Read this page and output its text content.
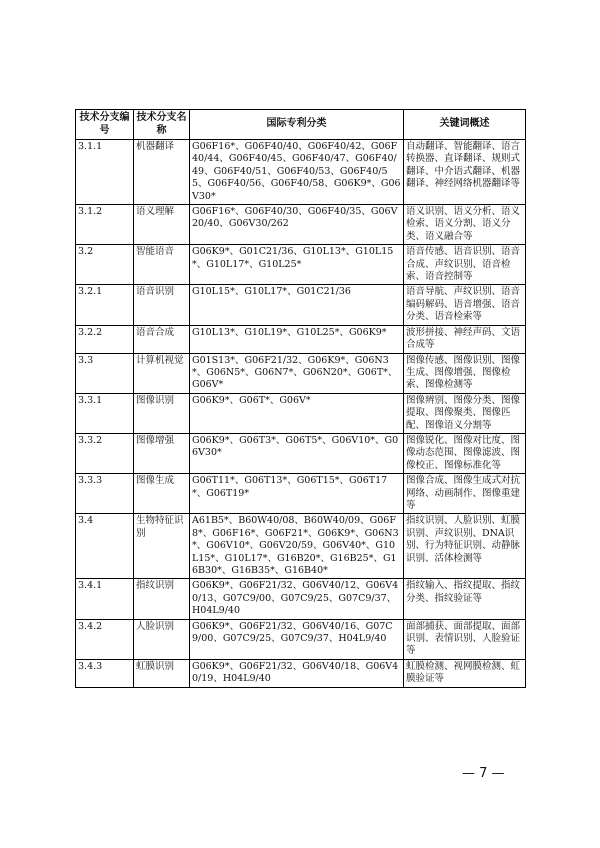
技术分支编号	技术分支名称	国际专利分类	关键词概述
3.1.1	机器翻译	G06F16*、G06F40/40、G06F40/42、G06F40/44、G06F40/45、G06F40/47、G06F40/49、G06F40/51、G06F40/53、G06F40/55、G06F40/56、G06F40/58、G06K9*、G06V30*	自动翻译、智能翻译、语言转换器、直译翻译、规则式翻译、中介语式翻译、机器翻译、神经网络机器翻译等
3.1.2	语义理解	G06F16*、G06F40/30、G06F40/35、G06V20/40、G06V30/262	语义识别、语义分析、语义检索、语义分割、语义分类、语义融合等
3.2	智能语音	G06K9*、G01C21/36、G10L13*、G10L15*、G10L17*、G10L25*	语音传感、语音识别、语音合成、声纹识别、语音检索、语音控制等
3.2.1	语音识别	G10L15*、G10L17*、G01C21/36	语音导航、声纹识别、语音编码解码、语音增强、语音分类、语音检索等
3.2.2	语音合成	G10L13*、G10L19*、G10L25*、G06K9*	波形拼接、神经声码、文语合成等
3.3	计算机视觉	G01S13*、G06F21/32、G06K9*、G06N3*、G06N5*、G06N7*、G06N20*、G06T*、G06V*	图像传感、图像识别、图像生成、图像增强、图像检索、图像检测等
3.3.1	图像识别	G06K9*、G06T*、G06V*	图像辨别、图像分类、图像提取、图像聚类、图像匹配、图像语义分割等
3.3.2	图像增强	G06K9*、G06T3*、G06T5*、G06V10*、G06V30*	图像锐化、图像对比度、图像动态范围、图像滤波、图像校正、图像标准化等
3.3.3	图像生成	G06T11*、G06T13*、G06T15*、G06T17*、G06T19*	图像合成、图像生成式对抗网络、动画制作、图像重建等
3.4	生物特征识别	A61B5*、B60W40/08、B60W40/09、G06F8*、G06F16*、G06F21*、G06K9*、G06N3*、G06V10*、G06V20/59、G06V40*、G10L15*、G10L17*、G16B20*、G16B25*、G16B30*、G16B35*、G16B40*	指纹识别、人脸识别、虹膜识别、声纹识别、DNA识别、行为特征识别、动静脉识别、活体检测等
3.4.1	指纹识别	G06K9*、G06F21/32、G06V40/12、G06V40/13、G07C9/00、G07C9/25、G07C9/37、H04L9/40	指纹输入、指纹提取、指纹分类、指纹验证等
3.4.2	人脸识别	G06K9*、G06F21/32、G06V40/16、G07C9/00、G07C9/25、G07C9/37、H04L9/40	面部捕获、面部提取、面部识别、表情识别、人脸验证等
3.4.3	虹膜识别	G06K9*、G06F21/32、G06V40/18、G06V40/19、H04L9/40	虹膜检测、视网膜检测、虹膜验证等
— 7 —
